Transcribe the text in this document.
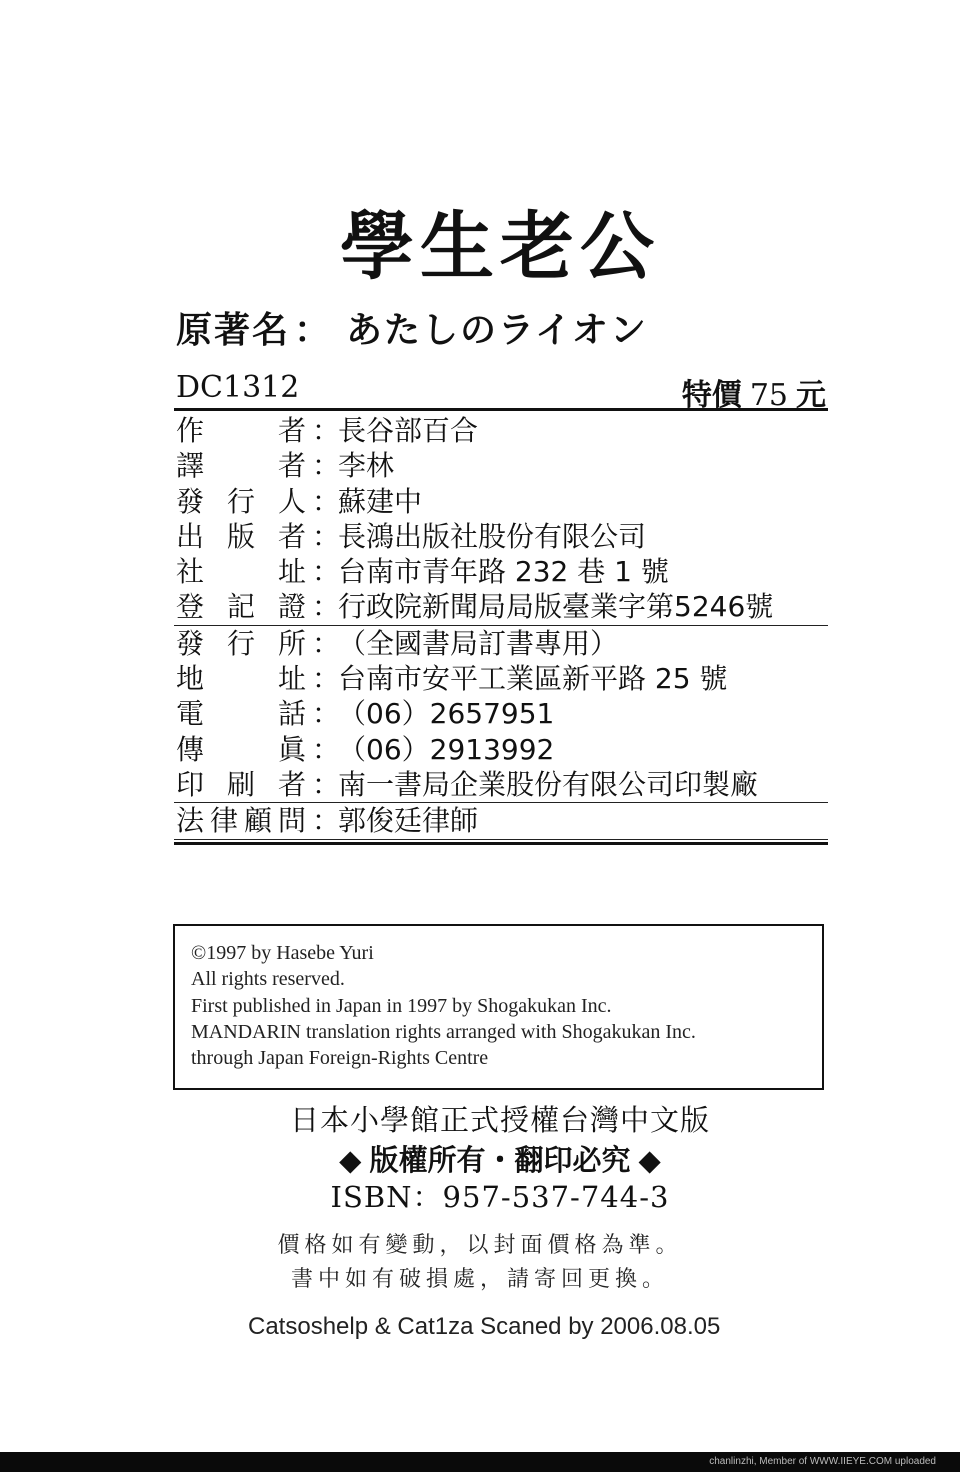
學生老公
原著名 ： あたしのライオン
DC1312	特價 75 元
作	者 ：
長谷部百合
譯	者 ：
李林
發 行 人 ：
蘇建中
出 版 者 ：
長鴻出版社股份有限公司
社	址 ：
台南市青年路 232 巷 1 號
登 記 證 ：
行政院新聞局局版臺業字第5246號
發 行 所 ：
（全國書局訂書專用）
地	址 ：
台南市安平工業區新平路 25 號
電	話 ：
（06）2657951
傳	眞 ：
（06）2913992
印 刷 者 ：
南一書局企業股份有限公司印製廠
法 律 顧 問 ：
郭俊廷律師
©1997 by Hasebe Yuri
All rights reserved.
First published in Japan in 1997 by Shogakukan Inc.
MANDARIN translation rights arranged with Shogakukan Inc.
through Japan Foreign-Rights Centre
日本小學館正式授權台灣中文版
◆ 版權所有・翻印必究 ◆
ISBN：957-537-744-3
價格如有變動，以封面價格為準。
書中如有破損處，請寄回更換。
Catsoshelp & Cat1za Scaned by 2006.08.05
chanlinzhi, Member of WWW.IIEYE.COM uploaded
